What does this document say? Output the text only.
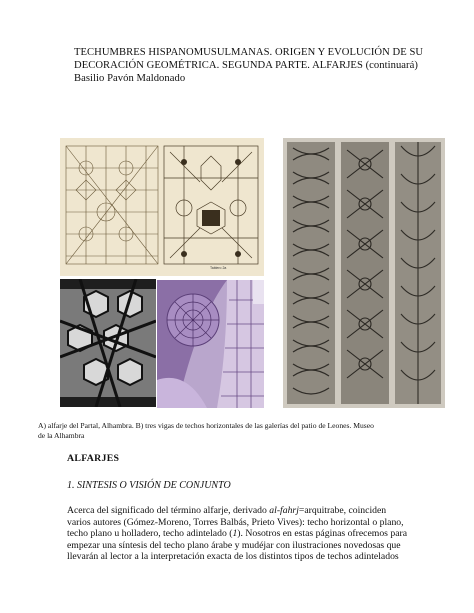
TECHUMBRES HISPANOMUSULMANAS. ORIGEN Y EVOLUCIÓN DE SU
DECORACIÓN GEOMÉTRICA. SEGUNDA PARTE. ALFARJES (continuará)
Basilio Pavón Maldonado
Tablero 2a
A) alfarje del Partal, Alhambra. B) tres vigas de techos horizontales de las galerías del patio de Leones. Museo
de la Alhambra
ALFARJES
1. SINTESIS O VISIÓN DE CONJUNTO
Acerca del significado del término alfarje, derivado al-fahrj=arquitrabe, coinciden
varios autores (Gómez-Moreno, Torres Balbás, Prieto Vives): techo horizontal o plano,
techo plano u holladero, techo adintelado (1). Nosotros en estas páginas ofrecemos para
empezar una síntesis del techo plano árabe y mudéjar con ilustraciones novedosas que
llevarán al lector a la interpretación exacta de los distintos tipos de techos adintelados
